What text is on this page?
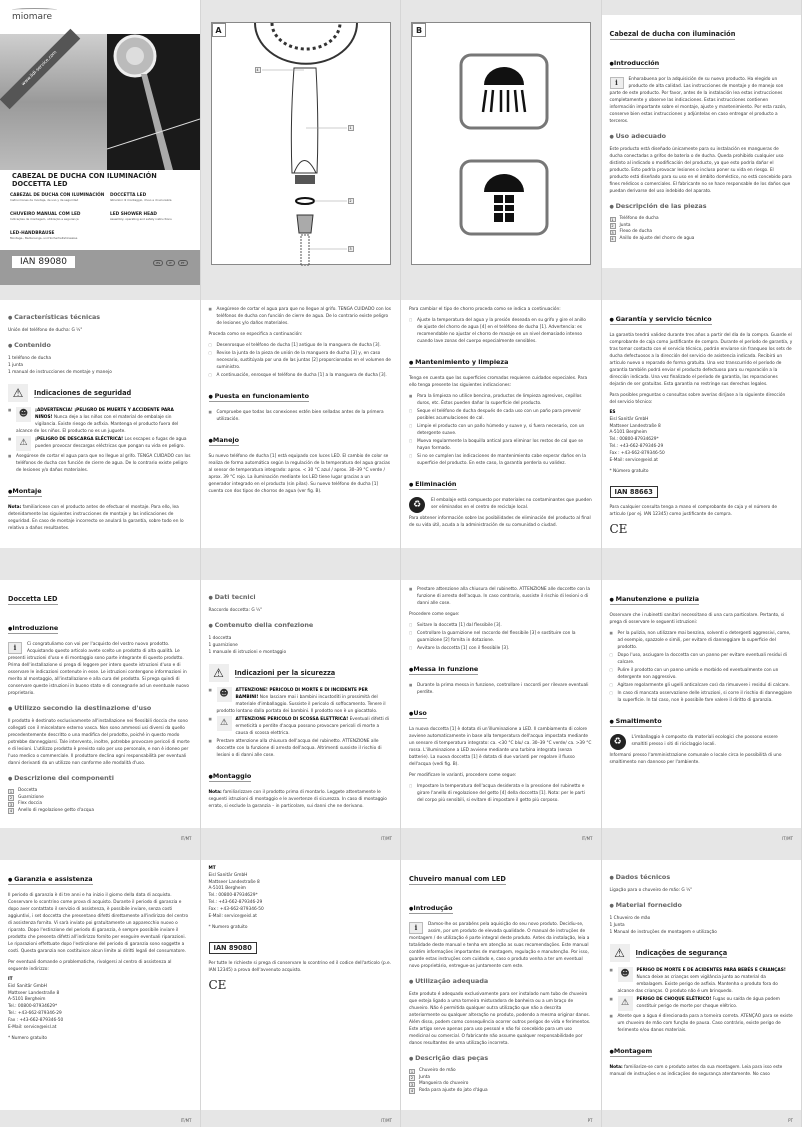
miomare
www.lidl-service.com
CABEZAL DE DUCHA CON ILUMINACIÓN
DOCCETTA LED
CABEZAL DE DUCHA CON ILUMINACIÓN
Instrucciones de montaje, de uso y de seguridad
DOCCETTA LED
Istruzioni di montaggio, d'uso e di sicurezza

CHUVEIRO MANUAL COM LED
Indicações de montagem, utilização e segurança
LED SHOWER HEAD
Assembly, operating and safety instructions

LED-HANDBRAUSE
Montage-, Bedienungs- und Sicherheitshinweise
IAN 89080	ES	IT	PT
A
4
1
2
3
B	Cabezal de ducha con iluminación
● Introducción
i	Enhorabuena por la adquisición de su nuevo producto. Ha elegido un producto de alta calidad. Las instrucciones de montaje y de manejo son parte de este producto. Por favor, antes de la instalación lea estas instrucciones completamente y observe las indicaciones. Estas instrucciones contienen información importante sobre el montaje, ajuste y mantenimiento. Por esta razón, conserve bien estas instrucciones y adjúntelas en caso entregar el producto a terceros.
● Uso adecuado
Este producto está diseñado únicamente para su instalación en mangueras de ducha conectadas a grifos de batería o de ducha. Queda prohibido cualquier uso distinto al indicado o modificación del producto, ya que esto podría dañar el producto. Esto podría provocar lesiones o incluso poner su vida en riesgo. El producto está diseñado para su uso en el ámbito doméstico, no está concebido para fines médicos o comerciales. El fabricante no se hace responsable de los daños que puedan derivarse del uso indebido del aparato.
● Descripción de las piezas
1	Teléfono de ducha
2	Junta
3	Flexo de ducha
4	Anillo de ajuste del chorro de agua
● Características técnicas
Unión del teléfono de ducha: G ½"
● Contenido
1 teléfono de ducha
1 junta
1 manual de instrucciones de montaje y manejo
⚠	Indicaciones de seguridad
■ ☻	¡ADVERTENCIA! ¡PELIGRO DE MUERTE Y ACCIDENTE PARA NIÑOS! Nunca deje a los niños con el material de embalaje sin vigilancia. Existe riesgo de asfixia. Mantenga el producto fuera del alcance de los niños. El producto no es un juguete.
■ ⚠	¡PELIGRO DE DESCARGA ELÉCTRICA! Los escapes o fugas de agua pueden provocar descargas eléctricas que pongan su vida en peligro.
■ Asegúrese de cortar el agua para que no llegue al grifo. TENGA CUIDADO con los teléfonos de ducha con función de cierre de agua. De lo contrario existe peligro de lesiones y/o daños materiales.
● Montaje
Nota: familiarícese con el producto antes de efectuar el montaje. Para ello, lea detenidamente las siguientes instrucciones de montaje y las indicaciones de seguridad. En caso de montaje incorrecto se anulará la garantía, sobre todo en lo relativo a daños resultantes.
■ Asegúrese de cortar el agua para que no llegue al grifo. TENGA CUIDADO con los teléfonos de ducha con función de cierre de agua. De lo contrario existe peligro de lesiones y/o daños materiales.
Proceda como se especifica a continuación:
□ Desenrosque el teléfono de ducha [1] antiguo de la manguera de ducha [3].
□ Revise la junta de la pieza de unión de la manguera de ducha [3] y, en caso necesario, sustitúyala por una de las juntas [2] proporcionadas en el volumen de suministro.
□ A continuación, enrosque el teléfono de ducha [1] a la manguera de ducha [3].
● Puesta en funcionamiento
■ Compruebe que todas las conexiones estén bien selladas antes de la primera utilización.
● Manejo
Su nuevo teléfono de ducha [1] está equipado con luces LED. El cambio de color se realiza de forma automática según la regulación de la temperatura del agua gracias al sensor de temperatura integrado: aprox. < 30 °C azul / aprox. 30–39 °C verde / aprox. 39 °C rojo. La iluminación mediante los LED tiene lugar gracias a un generador integrado en el producto (sin pilas). Su nuevo teléfono de ducha [1] cuenta con dos tipos de chorros de agua (ver fig. B).
Para cambiar el tipo de chorro proceda como se indica a continuación:
□ Ajuste la temperatura del agua y la presión deseada en su grifo y gire el anillo de ajuste del chorro de agua [4] en el teléfono de ducha [1]. Advertencia: es recomendable no ajustar el chorro de masaje en un nivel demasiado intenso cuando lave zonas del cuerpo especialmente sensibles.
● Mantenimiento y limpieza
Tenga en cuenta que las superficies cromadas requieren cuidados especiales. Para ello tenga presente las siguientes indicaciones:
■ Para la limpieza no utilice bencina, productos de limpieza agresivos, cepillos duros, etc. Éstos pueden dañar la superficie del producto.
□ Seque el teléfono de ducha después de cada uso con un paño para prevenir posibles acumulaciones de cal.
□ Limpie el producto con un paño húmedo y suave y, si fuera necesario, con un detergente suave.
□ Mueva regularmente la boquilla antical para eliminar los restos de cal que se hayan formado.
□ Si no se cumplen las indicaciones de mantenimiento cabe esperar daños en la superficie del producto. En este caso, la garantía perdería su validez.
● Eliminación
♻	El embalaje está compuesto por materiales no contaminantes que pueden ser eliminados en el centro de reciclaje local.
Para obtener información sobre las posibilidades de eliminación del producto al final de su vida útil, acuda a la administración de su comunidad o ciudad.
● Garantía y servicio técnico
La garantía tendrá validez durante tres años a partir del día de la compra. Guarde el comprobante de caja como justificante de compra. Durante el período de garantía, y tras tomar contacto con el servicio técnico, podrán enviarse sin franqueo los sets de ducha defectuosos a la dirección del servicio de asistencia indicada. Recibirá un artículo nuevo o reparado de forma gratuita. Una vez transcurrido el período de garantía también podrá enviar el producto defectuoso para su reparación a la dirección indicada. Una vez finalizado el período de garantía, las reparaciones dejarán de ser gratuitas. Esta garantía no restringe sus derechos legales.
Para posibles preguntas o consultas sobre averías diríjase a la siguiente dirección del servicio técnico:
ES
Eisl Sanitär GmbH
Mattseer Landestraße 8
A-5101 Bergheim
Tel.: 00800-87934629*
Tel.: +43-662-879346-29
Fax : +43-662-879346-50
E-Mail: service@eisl.at
* Número gratuito
IAN 88663
Para cualquier consulta tenga a mano el comprobante de caja y el número de artículo (por ej. IAN 12345) como justificante de compra.
CE
Doccetta LED
● Introduzione
i	Ci congratuliamo con voi per l'acquisto del vostro nuovo prodotto. Acquistando questo articolo avete scelto un prodotto di alta qualità. Le presenti istruzioni d'uso e di montaggio sono parte integrante di questo prodotto. Prima dell'installazione si prega di leggere per intero queste istruzioni d'uso e di osservare le indicazioni contenute in esse. Le istruzioni contengono informazioni in merito al montaggio, all'installazione e alla cura del prodotto. Si prega quindi di conservare queste istruzioni in buono stato e di consegnarle ad un eventuale nuovo proprietario.
● Utilizzo secondo la destinazione d'uso
Il prodotto è destinato esclusivamente all'installazione nei flessibili doccia che sono collegati con il miscelatore esterno vasca. Non sono ammessi usi diversi da quello precedentemente descritto o una modifica del prodotto, poiché in questo modo potrebbe danneggiarsi. Tale intervento, inoltre, potrebbe provocare pericoli di morte e di lesioni. L'utilizzo prodotto è previsto solo per uso personale, e non è idoneo per l'uso medico o commerciale. Il produttore declina ogni responsabilità per eventuali danni derivanti da un utilizzo non conforme alle modalità d'uso.
● Descrizione dei componenti
1	Doccetta
2	Guarnizione
3	Flex doccia
4	Anello di regolazione getto d'acqua
IT/MT
● Dati tecnici
Raccordo doccetta: G ½"
● Contenuto della confezione
1 doccetta
1 guarnizione
1 manuale di istruzioni e montaggio
⚠	Indicazioni per la sicurezza
■ ☻	ATTENZIONE! PERICOLO DI MORTE E DI INCIDENTE PER BAMBINI! Non lasciare mai i bambini incustoditi in prossimità del materiale d'imballaggio. Sussiste il pericolo di soffocamento. Tenere il prodotto lontano dalla portata dei bambini. Il prodotto non è un giocattolo.
■ ⚠	ATTENZIONE PERICOLO DI SCOSSA ELETTRICA! Eventuali difetti di ermeticità o perdite d'acqua possono provocare pericoli di morte a causa di scossa elettrica.
■ Prestare attenzione alla chiusura dell'acqua del rubinetto. ATTENZIONE alle doccette con la funzione di arresto dell'acqua. Altrimenti sussiste il rischio di lesioni o di danni alle cose.
● Montaggio
Nota: familiarizzare con il prodotto prima di montarlo. Leggete attentamente le seguenti istruzioni di montaggio e le avvertenze di sicurezza. In caso di montaggio errato, si esclude la garanzia – in particolare, sui danni che ne derivano.
IT/MT
■ Prestare attenzione alla chiusura del rubinetto. ATTENZIONE alle doccette con la funzione di arresto dell'acqua. In caso contrario, sussiste il rischio di lesioni o di danni alle cose.
Procedere come segue:
□ Svitare la doccetta [1] dal flessibile [3].
□ Controllare la guarnizione nel raccordo del flessibile [3] e sostituire con la guarnizione [2] fornita in dotazione.
□ Avvitare la doccetta [1] con il flessibile [3].
● Messa in funzione
■ Durante la prima messa in funzione, controllare i raccordi per rilevare eventuali perdite.
● Uso
La nuova doccetta [1] è dotata di un'illuminazione a LED. Il cambiamento di colore avviene automaticamente in base alla temperatura dell'acqua impostata mediante un sensore di temperatura integrato: ca. <30 °C blu/ ca. 30–39 °C verde/ ca. >39 °C rossa. L'illuminazione a LED avviene mediante una turbina integrata (senza batterie). La nuova doccetta [1] è dotata di due varianti per regolare il flusso dell'acqua (vedi fig. B).
Per modificare le varianti, procedere come segue:
□ Impostare la temperatura dell'acqua desiderata e la pressione del rubinetto e girare l'anello di regolazione del getto [4] della doccetta [1]. Nota: per le parti del corpo più sensibili, si evitare di impostare il getto più corposo.
IT/MT
● Manutenzione e pulizia
Osservare che i rubinetti sanitari necessitano di una cura particolare. Pertanto, si prega di osservare le seguenti istruzioni:
■ Per la pulizia, non utilizzare mai benzina, solventi o detergenti aggressivi, come, ad esempio, spazzole e simili, per evitare di danneggiare la superficie del prodotto.
□ Dopo l'uso, asciugare la doccetta con un panno per evitare eventuali residui di calcare.
□ Pulire il prodotto con un panno umido e morbido ed eventualmente con un detergente non aggressivo.
□ Agitare regolarmente gli ugelli anticalcare così da rimuovere i residui di calcare.
□ In caso di mancata osservazione delle istruzioni, si corre il rischio di danneggiare la superficie. In tal caso, non è possibile fare valere il diritto di garanzia.
● Smaltimento
♻	L'imballaggio è composto da materiali ecologici che possono essere smaltiti presso i siti di riciclaggio locali.
Informarsi presso l'amministrazione comunale o locale circa le possibilità di uno smaltimento non dannoso per l'ambiente.
IT/MT
● Garanzia e assistenza
Il periodo di garanzia è di tre anni e ha inizio il giorno della data di acquisto. Conservare lo scontrino come prova di acquisto. Durante il periodo di garanzia e dopo aver contattato il servizio di assistenza, è possibile inviare, senza costi aggiuntivi, i set doccetta che presentano difetti direttamente all'indirizzo del centro di assistenza fornito. Vi sarà inviato poi gratuitamente un apparecchio nuovo o riparato. Dopo l'estinzione del periodo di garanzia, è sempre possibile inviare il prodotto che presenta difetti all'indirizzo fornito per eseguire eventuali riparazioni. Le riparazioni effettuate dopo l'estinzione del periodo di garanzia sono soggette a costi. Questa garanzia non costituisce alcun limite ai diritti legali del consumatore.
Per eventuali domande o problematiche, rivolgersi al centro di assistenza al seguente indirizzo:
IT
Eisl Sanitär GmbH
Mattseer Landestraße 8
A-5101 Bergheim
Tel.: 00800-87934629*
Tel.: +43-662-879346-29
Fax : +43-662-879346-50
E-Mail: service@eisl.at
* Numero gratuito
IT/MT
MT
Eisl Sanitär GmbH
Mattseer Landestraße 8
A-5101 Bergheim
Tel.: 00800-87934629*
Tel.: +43-662-879346-29
Fax : +43-662-879346-50
E-Mail: service@eisl.at
* Numero gratuito
IAN 89080
Per tutte le richieste si prega di conservare lo scontrino ed il codice dell'articolo (p.e. IAN 12345) a prova dell'avvenuto acquisto.
CE
IT/MT
Chuveiro manual com LED
● Introdução
i	Damos-lhe os parabéns pela aquisição do seu novo produto. Decidiu-se, assim, por um produto de elevada qualidade. O manual de instruções de montagem / de utilização é parte integral deste produto. Antes da instalação, leia a totalidade deste manual e tenha em atenção as suas recomendações. Este manual contém informações importantes de montagem, regulação e manutenção. Por isso, guarde estas instruções com cuidado e, caso o produto venha a ter um eventual novo proprietário, entregue-as juntamente com este.
● Utilização adequada
Este produto é adequado exclusivamente para ser instalado num tubo de chuveiro que esteja ligado a uma torneira misturadora de banheira ou a um braço de chuveiro. Não é permitida qualquer outra utilização que não a descrita anteriormente ou qualquer alteração no produto, podendo a mesma originar danos. Além disso, podem como consequência ocorrer outros perigos de vida e ferimentos. Este artigo serve apenas para uso pessoal e não foi concebido para um uso medicinal ou comercial. O fabricante não assume qualquer responsabilidade por danos resultantes de uma utilização incorreta.
● Descrição das peças
1	Chuveiro de mão
2	Junta
3	Mangueira do chuveiro
4	Roda para ajuste do jato d'água
PT
● Dados técnicos
Ligação para o chuveiro de mão: G ½"
● Material fornecido
1 Chuveiro de mão
1 Junta
1 Manual de instruções de montagem e utilização
⚠	Indicações de segurança
■ ☻	PERIGO DE MORTE E DE ACIDENTES PARA BEBÉS E CRIANÇAS! Nunca deixe as crianças sem vigilância junto ao material da embalagem. Existe perigo de asfixia. Mantenha o produto fora do alcance das crianças. O produto não é um brinquedo.
■ ⚠	PERIGO DE CHOQUE ELÉTRICO! Fugas ou saída de água podem constituir perigo de morte por choque elétrico.
■ Atente que a água é direcionada para a torneira correta. ATENÇÃO para se existe um chuveiro de mão com função de pausa. Caso contrário, existe perigo de ferimento e/ou danos materiais.
● Montagem
Nota: familiarize-se com o produto antes da sua montagem. Leia para isso este manual de instruções e as indicações de segurança atentamente. No caso
PT
